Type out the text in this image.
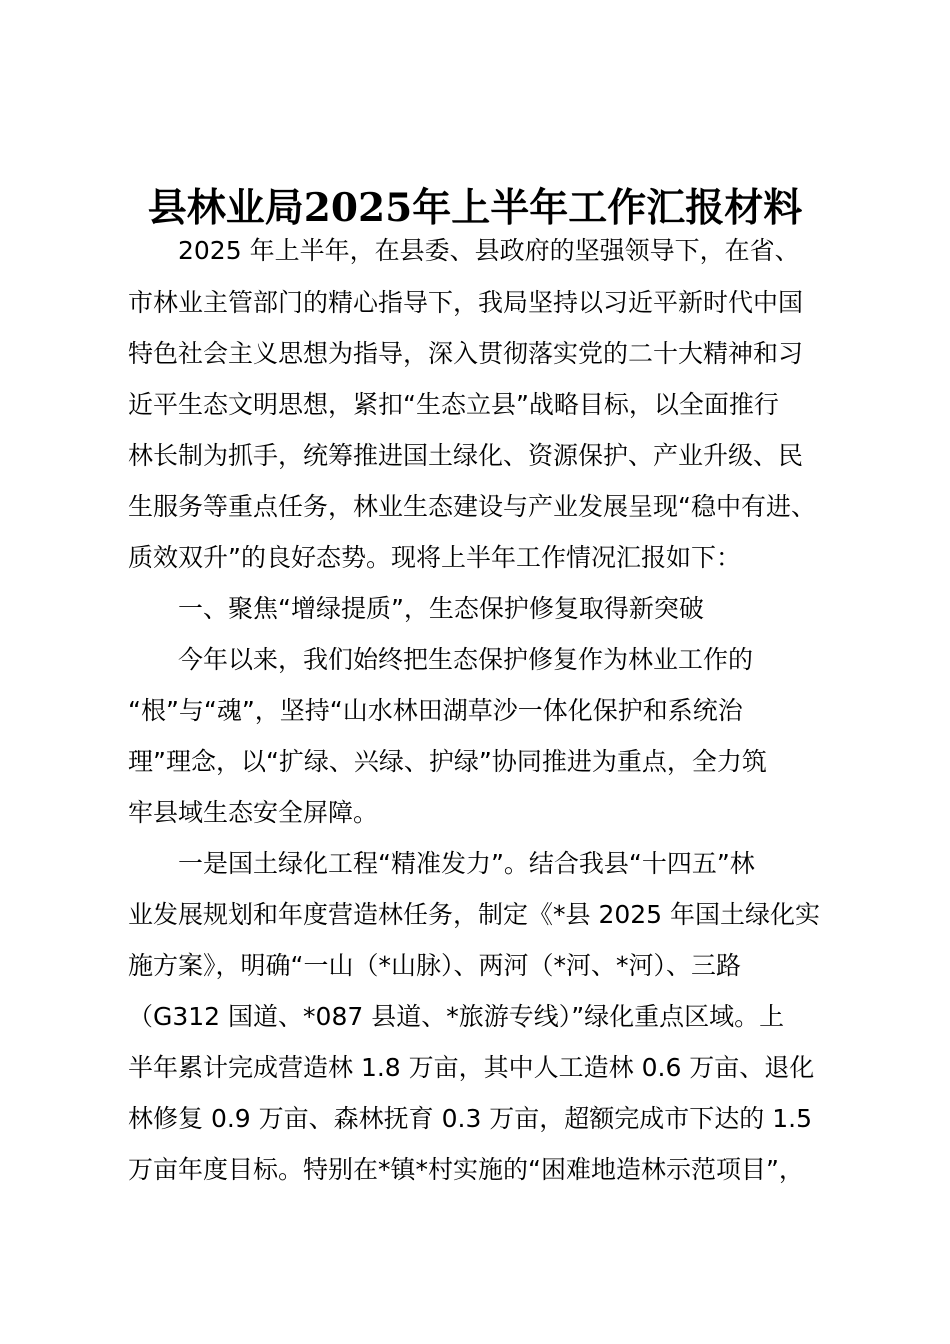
县林业局2025年上半年工作汇报材料
2025 年上半年，在县委、县政府的坚强领导下，在省、
市林业主管部门的精心指导下，我局坚持以习近平新时代中国
特色社会主义思想为指导，深入贯彻落实党的二十大精神和习
近平生态文明思想，紧扣“生态立县”战略目标，以全面推行
林长制为抓手，统筹推进国土绿化、资源保护、产业升级、民
生服务等重点任务，林业生态建设与产业发展呈现“稳中有进、
质效双升”的良好态势。现将上半年工作情况汇报如下：
一、聚焦“增绿提质”，生态保护修复取得新突破
今年以来，我们始终把生态保护修复作为林业工作的
“根”与“魂”，坚持“山水林田湖草沙一体化保护和系统治
理”理念，以“扩绿、兴绿、护绿”协同推进为重点，全力筑
牢县域生态安全屏障。
一是国土绿化工程“精准发力”。结合我县“十四五”林
业发展规划和年度营造林任务，制定《*县 2025 年国土绿化实
施方案》，明确“一山（*山脉）、两河（*河、*河）、三路
（G312 国道、*087 县道、*旅游专线）”绿化重点区域。上
半年累计完成营造林 1.8 万亩，其中人工造林 0.6 万亩、退化
林修复 0.9 万亩、森林抚育 0.3 万亩，超额完成市下达的 1.5
万亩年度目标。特别在*镇*村实施的“困难地造林示范项目”，
